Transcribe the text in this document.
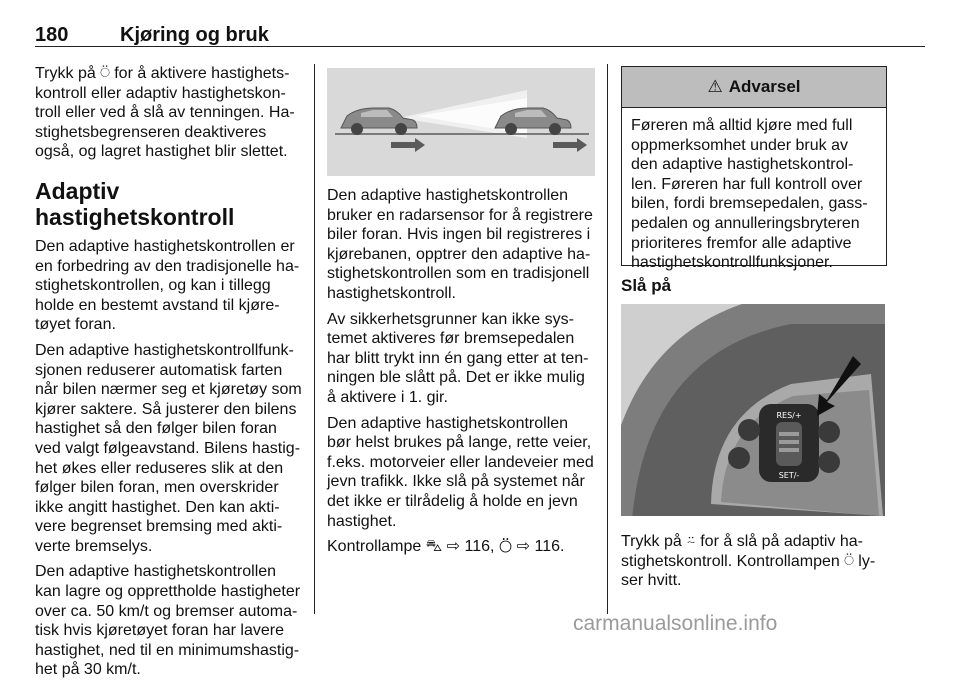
180	Kjøring og bruk

Trykk på ⍥ for å aktivere hastighets-kontroll eller adaptiv hastighetskon-troll eller ved å slå av tenningen. Ha-stighetsbegrenseren deaktiveres også, og lagret hastighet blir slettet.

Adaptiv hastighetskontroll

Den adaptive hastighetskontrollen er en forbedring av den tradisjonelle ha-stighetskontrollen, og kan i tillegg holde en bestemt avstand til kjøre-tøyet foran.

Den adaptive hastighetskontrollfunk-sjonen reduserer automatisk farten når bilen nærmer seg et kjøretøy som kjører saktere. Så justerer den bilens hastighet så den følger bilen foran ved valgt følgeavstand. Bilens hastig-het økes eller reduseres slik at den følger bilen foran, men overskrider ikke angitt hastighet. Den kan akti-vere begrenset bremsing med akti-verte bremselys.

Den adaptive hastighetskontrollen kan lagre og opprettholde hastigheter over ca. 50 km/t og bremser automa-tisk hvis kjøretøyet foran har lavere hastighet, ned til en minimumshastig-het på 30 km/t.

Den adaptive hastighetskontrollen bruker en radarsensor for å registrere biler foran. Hvis ingen bil registreres i kjørebanen, opptrer den adaptive ha-stighetskontrollen som en tradisjonell hastighetskontroll.

Av sikkerhetsgrunner kan ikke sys-temet aktiveres før bremsepedalen har blitt trykt inn én gang etter at ten-ningen ble slått på. Det er ikke mulig å aktivere i 1. gir.

Den adaptive hastighetskontrollen bør helst brukes på lange, rette veier, f.eks. motorveier eller landeveier med jevn trafikk. Ikke slå på systemet når det ikke er tilrådelig å holde en jevn hastighet.

Kontrollampe ⛍ ⇨ 116, ⍥ ⇨ 116.

⚠ Advarsel
Føreren må alltid kjøre med full oppmerksomhet under bruk av den adaptive hastighetskontrol-len. Føreren har full kontroll over bilen, fordi bremsepedalen, gass-pedalen og annulleringsbryteren prioriteres fremfor alle adaptive hastighetskontrollfunksjoner.
Slå på
RES/+
SET/-
Trykk på ⍨ for å slå på adaptiv ha-stighetskontroll. Kontrollampen ⍥ ly-ser hvitt.
carmanualsonline.info
